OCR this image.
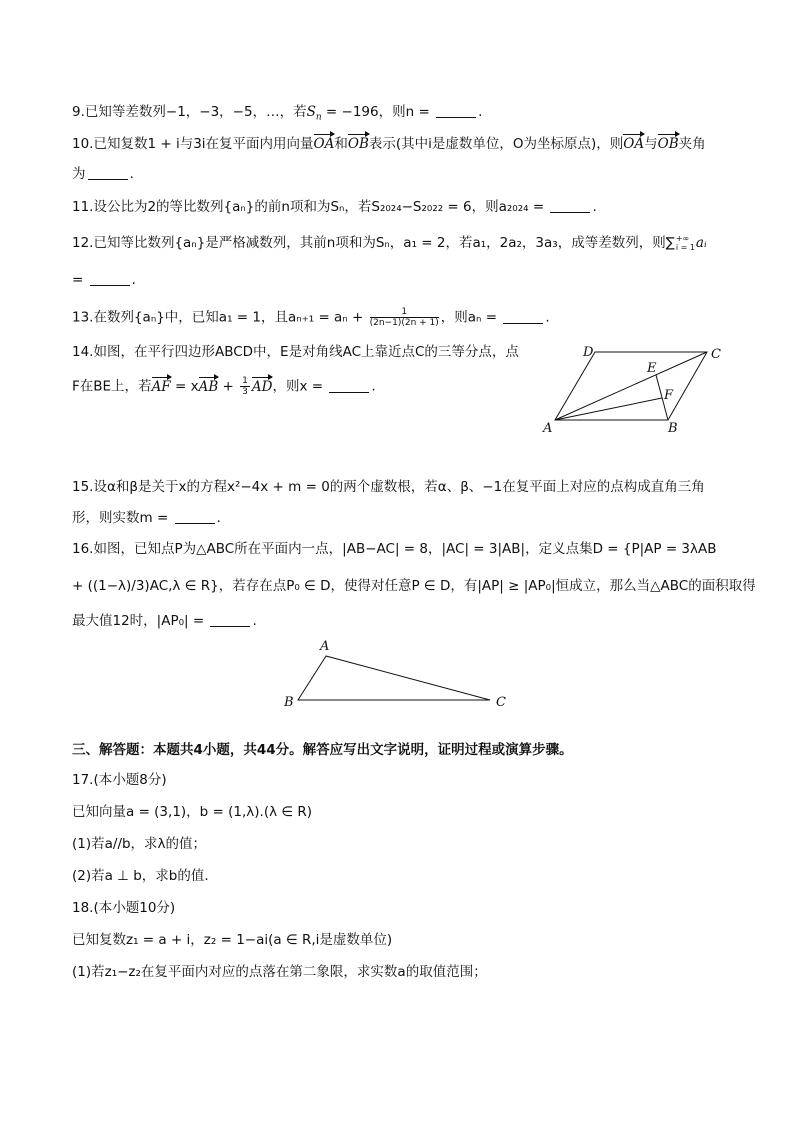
9.已知等差数列−1，−3，−5，…，若$S_n = -196$，则n =	.
10.已知复数1 + i与3i在复平面内用向量OA和OB表示(其中i是虚数单位，O为坐标原点)，则OA与OB夹角
为	.
11.设公比为2的等比数列{aₙ}的前n项和为Sₙ，若S₂₀₂₄−S₂₀₂₂ = 6，则a₂₀₂₄ =	.
12.已知等比数列{aₙ}是严格减数列，其前n项和为Sₙ，a₁ = 2，若a₁，2a₂，3a₃，成等差数列，则∑ +∞
i = 1 aᵢ
=	.
13.在数列{aₙ}中，已知a₁ = 1，且$a_{n+1} = a_n + \frac{1}{(2n-1)(2n + 1)}$ ，则aₙ =	.
14.如图，在平行四边形ABCD中，E是对角线AC上靠近点C的三等分点，点
F在BE上，若AF = xAB + $\frac{1}{3}$ AD，则x =	.
A	B
C
D
E
F
15.设α和β是关于x的方程x²−4x + m = 0的两个虚数根，若α、β、−1在复平面上对应的点构成直角三角
形，则实数m =	.
16.如图，已知点P为△ABC所在平面内一点，|AB−AC| = 8，|AC| = 3|AB|，定义点集D = {P|AP = 3λAB
+ ((1−λ)/3)AC,λ ∈ R}，若存在点P₀ ∈ D，使得对任意P ∈ D，有|AP| ≥ |AP₀|恒成立，那么当△ABC的面积取得
最大值12时，|AP₀| =	.
A
B	C
三、解答题：本题共4小题，共44分。解答应写出文字说明，证明过程或演算步骤。
17.(本小题8分)
已知向量a = (3,1)，b = (1,λ).(λ ∈ R)
(1)若a//b，求λ的值；
(2)若a ⊥ b，求b的值.
18.(本小题10分)
已知复数z₁ = a + i，z₂ = 1−ai(a ∈ R,i是虚数单位)
(1)若z₁−z₂在复平面内对应的点落在第二象限，求实数a的取值范围；
